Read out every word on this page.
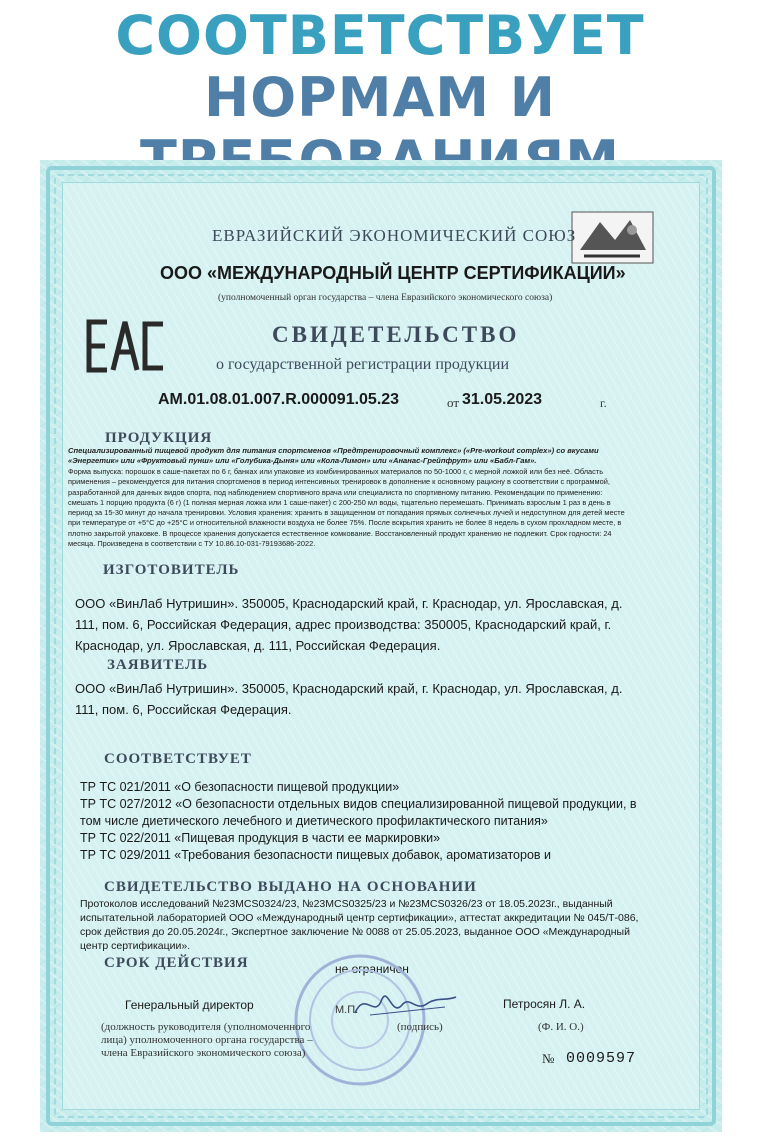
СООТВЕТСТВУЕТ
НОРМАМ И
ЕВРАЗИЙСКИЙ ЭКОНОМИЧЕСКИЙ СОЮЗ
ООО «МЕЖДУНАРОДНЫЙ ЦЕНТР СЕРТИФИКАЦИИ»
(уполномоченный орган государства – члена Евразийского экономического союза)
ЕАС
СВИДЕТЕЛЬСТВО
о государственной регистрации продукции
AM.01.08.01.007.R.000091.05.23	от 31.05.2023	г.
ПРОДУКЦИЯ
Специализированный пищевой продукт для питания спортсменов «Предтренировочный комплекс» («Pre-workout complex») со вкусами «Энергетик» или «Фруктовый пунш» или «Голубика-Дыня» или «Кола-Лимон» или «Ананас-Грейпфрут» или «Бабл-Гам».
Форма выпуска: порошок в саше-пакетах по 6 г, банках или упаковке из комбинированных материалов по 50-1000 г, с мерной ложкой или без неё. Область применения – рекомендуется для питания спортсменов в период интенсивных тренировок в дополнение к основному рациону в соответствии с программой, разработанной для данных видов спорта, под наблюдением спортивного врача или специалиста по спортивному питанию. Рекомендации по применению: смешать 1 порцию продукта (6 г) (1 полная мерная ложка или 1 саше-пакет) с 200-250 мл воды, тщательно перемешать. Принимать взрослым 1 раз в день в период за 15-30 минут до начала тренировки. Условия хранения: хранить в защищенном от попадания прямых солнечных лучей и недоступном для детей месте при температуре от +5°С до +25°С и относительной влажности воздуха не более 75%. После вскрытия хранить не более 8 недель в сухом прохладном месте, в плотно закрытой упаковке. В процессе хранения допускается естественное комкование. Восстановленный продукт хранению не подлежит. Срок годности: 24 месяца. Произведена в соответствии с ТУ 10.86.10-031-79193686-2022.
ИЗГОТОВИТЕЛЬ
ООО «ВинЛаб Нутришин». 350005, Краснодарский край, г. Краснодар, ул. Ярославская, д. 111, пом. 6, Российская Федерация, адрес производства: 350005, Краснодарский край, г. Краснодар, ул. Ярославская, д. 111, Российская Федерация.
ЗАЯВИТЕЛЬ
ООО «ВинЛаб Нутришин». 350005, Краснодарский край, г. Краснодар, ул. Ярославская, д. 111, пом. 6, Российская Федерация.
СООТВЕТСТВУЕТ
ТР ТС 021/2011 «О безопасности пищевой продукции»
ТР ТС 027/2012 «О безопасности отдельных видов специализированной пищевой продукции, в том числе диетического лечебного и диетического профилактического питания»
ТР ТС 022/2011 «Пищевая продукция в части ее маркировки»
ТР ТС 029/2011 «Требования безопасности пищевых добавок, ароматизаторов и
СВИДЕТЕЛЬСТВО ВЫДАНО НА ОСНОВАНИИ
Протоколов исследований №23MCS0324/23, №23MCS0325/23 и №23MCS0326/23 от 18.05.2023г., выданный испытательной лабораторией ООО «Международный центр сертификации», аттестат аккредитации № 045/Т-086, срок действия до 20.05.2024г., Экспертное заключение № 0088 от 25.05.2023, выданное ООО «Международный центр сертификации».
СРОК ДЕЙСТВИЯ	не ограничен
Генеральный директор	М.П.	Петросян Л. А.
(должность руководителя (уполномоченного лица) уполномоченного органа государства – члена Евразийского экономического союза)
(подпись)	(Ф. И. О.)
№ 0009597
